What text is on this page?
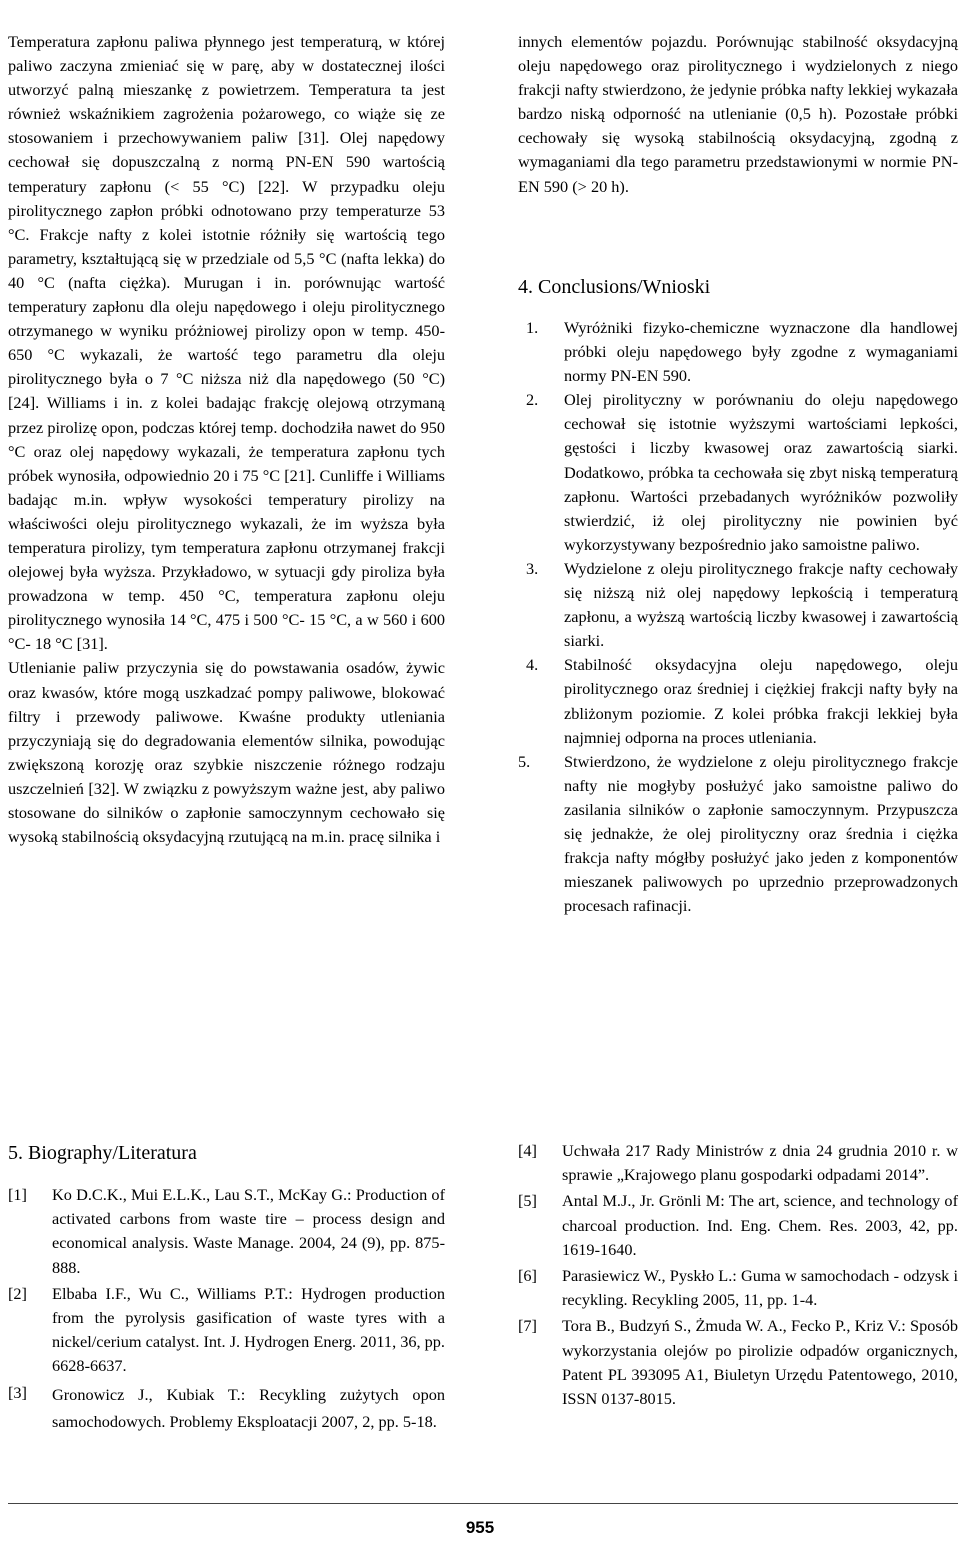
Temperatura zapłonu paliwa płynnego jest temperaturą, w której paliwo zaczyna zmieniać się w parę, aby w dostatecznej ilości utworzyć palną mieszankę z powietrzem. Temperatura ta jest również wskaźnikiem zagrożenia pożarowego, co wiąże się ze stosowaniem i przechowywaniem paliw [31]. Olej napędowy cechował się dopuszczalną z normą PN-EN 590 wartością temperatury zapłonu (< 55 °C) [22]. W przypadku oleju pirolitycznego zapłon próbki odnotowano przy temperaturze 53 °C. Frakcje nafty z kolei istotnie różniły się wartością tego parametry, kształtującą się w przedziale od 5,5 °C (nafta lekka) do 40 °C (nafta ciężka). Murugan i in. porównując wartość temperatury zapłonu dla oleju napędowego i oleju pirolitycznego otrzymanego w wyniku próżniowej pirolizy opon w temp. 450-650 °C wykazali, że wartość tego parametru dla oleju pirolitycznego była o 7 °C niższa niż dla napędowego (50 °C) [24]. Williams i in. z kolei badając frakcję olejową otrzymaną przez pirolizę opon, podczas której temp. dochodziła nawet do 950 °C oraz olej napędowy wykazali, że temperatura zapłonu tych próbek wynosiła, odpowiednio 20 i 75 °C [21]. Cunliffe i Williams badając m.in. wpływ wysokości temperatury pirolizy na właściwości oleju pirolitycznego wykazali, że im wyższa była temperatura pirolizy, tym temperatura zapłonu otrzymanej frakcji olejowej była wyższa. Przykładowo, w sytuacji gdy piroliza była prowadzona w temp. 450 °C, temperatura zapłonu oleju pirolitycznego wynosiła 14 °C, 475 i 500 °C- 15 °C, a w 560 i 600 °C- 18 °C [31].

Utlenianie paliw przyczynia się do powstawania osadów, żywic oraz kwasów, które mogą uszkadzać pompy paliwowe, blokować filtry i przewody paliwowe. Kwaśne produkty utleniania przyczyniają się do degradowania elementów silnika, powodując zwiększoną korozję oraz szybkie niszczenie różnego rodzaju uszczelnień [32]. W związku z powyższym ważne jest, aby paliwo stosowane do silników o zapłonie samoczynnym cechowało się wysoką stabilnością oksydacyjną rzutującą na m.in. pracę silnika i

innych elementów pojazdu. Porównując stabilność oksydacyjną oleju napędowego oraz pirolitycznego i wydzielonych z niego frakcji nafty stwierdzono, że jedynie próbka nafty lekkiej wykazała bardzo niską odporność na utlenianie (0,5 h). Pozostałe próbki cechowały się wysoką stabilnością oksydacyjną, zgodną z wymaganiami dla tego parametru przedstawionymi w normie PN-EN 590 (> 20 h).

4. Conclusions/Wnioski
1.	Wyróżniki fizyko-chemiczne wyznaczone dla handlowej próbki oleju napędowego były zgodne z wymaganiami normy PN-EN 590.
2.	Olej pirolityczny w porównaniu do oleju napędowego cechował się istotnie wyższymi wartościami lepkości, gęstości i liczby kwasowej oraz zawartością siarki. Dodatkowo, próbka ta cechowała się zbyt niską temperaturą zapłonu. Wartości przebadanych wyróżników pozwoliły stwierdzić, iż olej pirolityczny nie powinien być wykorzystywany bezpośrednio jako samoistne paliwo.
3.	Wydzielone z oleju pirolitycznego frakcje nafty cechowały się niższą niż olej napędowy lepkością i temperaturą zapłonu, a wyższą wartością liczby kwasowej i zawartością siarki.
4.	Stabilność oksydacyjna oleju napędowego, oleju pirolitycznego oraz średniej i ciężkiej frakcji nafty były na zbliżonym poziomie. Z kolei próbka frakcji lekkiej była najmniej odporna na proces utleniania.
5.	Stwierdzono, że wydzielone z oleju pirolitycznego frakcje nafty nie mogłyby posłużyć jako samoistne paliwo do zasilania silników o zapłonie samoczynnym. Przypuszcza się jednakże, że olej pirolityczny oraz średnia i ciężka frakcja nafty mógłby posłużyć jako jeden z komponentów mieszanek paliwowych po uprzednio przeprowadzonych procesach rafinacji.
5. Biography/Literatura
[1]	Ko D.C.K., Mui E.L.K., Lau S.T., McKay G.: Production of activated carbons from waste tire – process design and economical analysis. Waste Manage. 2004, 24 (9), pp. 875-888.
[2]	Elbaba I.F., Wu C., Williams P.T.: Hydrogen production from the pyrolysis gasification of waste tyres with a nickel/cerium catalyst. Int. J. Hydrogen Energ. 2011, 36, pp. 6628-6637.
[3]	Gronowicz J., Kubiak T.: Recykling zużytych opon samochodowych. Problemy Eksploatacji 2007, 2, pp. 5-18.
[4]	Uchwała 217 Rady Ministrów z dnia 24 grudnia 2010 r. w sprawie „Krajowego planu gospodarki odpadami 2014”.
[5]	Antal M.J., Jr. Grönli M: The art, science, and technology of charcoal production. Ind. Eng. Chem. Res. 2003, 42, pp. 1619-1640.
[6]	Parasiewicz W., Pyskło L.: Guma w samochodach - odzysk i recykling. Recykling 2005, 11, pp. 1-4.
[7]	Tora B., Budzyń S., Żmuda W. A., Fecko P., Kriz V.: Sposób wykorzystania olejów po pirolizie odpadów organicznych, Patent PL 393095 A1, Biuletyn Urzędu Patentowego, 2010, ISSN 0137-8015.
955
